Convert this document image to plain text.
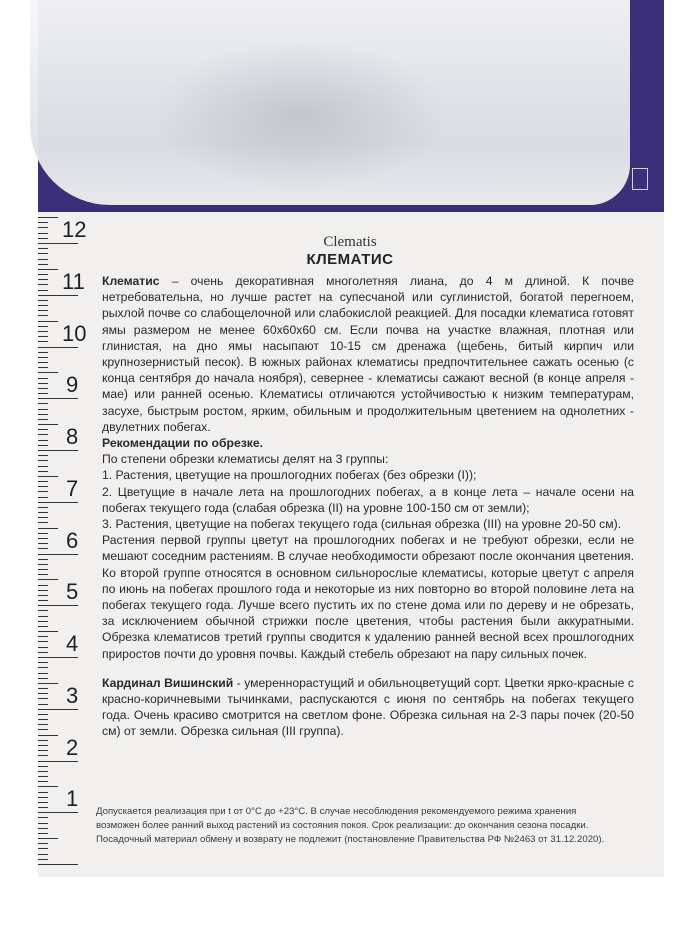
12
11
10
9
8
7
6
5
4
3
2
1
Clematis
КЛЕМАТИС

Клематис – очень декоративная многолетняя лиана, до 4 м длиной. К почве нетребовательна, но лучше растет на супесчаной или суглинистой, богатой перегноем, рыхлой почве со слабощелочной или слабокислой реакцией. Для посадки клематиса готовят ямы размером не менее 60х60х60 см. Если почва на участке влажная, плотная или глинистая, на дно ямы насыпают 10-15 см дренажа (щебень, битый кирпич или крупнозернистый песок). В южных районах клематисы предпочтительнее сажать осенью (с конца сентября до начала ноября), севернее - клематисы сажают весной (в конце апреля - мае) или ранней осенью. Клематисы отличаются устойчивостью к низким температурам, засухе, быстрым ростом, ярким, обильным и продолжительным цветением на однолетних - двулетних побегах.

Рекомендации по обрезке.

По степени обрезки клематисы делят на 3 группы:

1. Растения, цветущие на прошлогодних побегах (без обрезки (I));

2. Цветущие в начале лета на прошлогодних побегах, а в конце лета – начале осени на побегах текущего года (слабая обрезка (II) на уровне 100-150 см от земли);

3. Растения, цветущие на побегах текущего года (сильная обрезка (III) на уровне 20-50 см).

Растения первой группы цветут на прошлогодних побегах и не требуют обрезки, если не мешают соседним растениям. В случае необходимости обрезают после окончания цветения. Ко второй группе относятся в основном сильнорослые клематисы, которые цветут с апреля по июнь на побегах прошлого года и некоторые из них повторно во второй половине лета на побегах текущего года. Лучше всего пустить их по стене дома или по дереву и не обрезать, за исключением обычной стрижки после цветения, чтобы растения были аккуратными. Обрезка клематисов третий группы сводится к удалению ранней весной всех прошлогодних приростов почти до уровня почвы. Каждый стебель обрезают на пару сильных почек.

Кардинал Вишинский - умереннорастущий и обильноцветущий сорт. Цветки ярко-красные с красно-коричневыми тычинками, распускаются с июня по сентябрь на побегах текущего года. Очень красиво смотрится на светлом фоне. Обрезка сильная на 2-3 пары почек (20-50 см) от земли. Обрезка сильная (III группа).

Допускается реализация при t от 0°С до +23°С. В случае несоблюдения рекомендуемого режима хранения

возможен более ранний выход растений из состояния покоя. Срок реализации: до окончания сезона посадки.

Посадочный материал обмену и возврату не подлежит (постановление Правительства РФ №2463 от 31.12.2020).
